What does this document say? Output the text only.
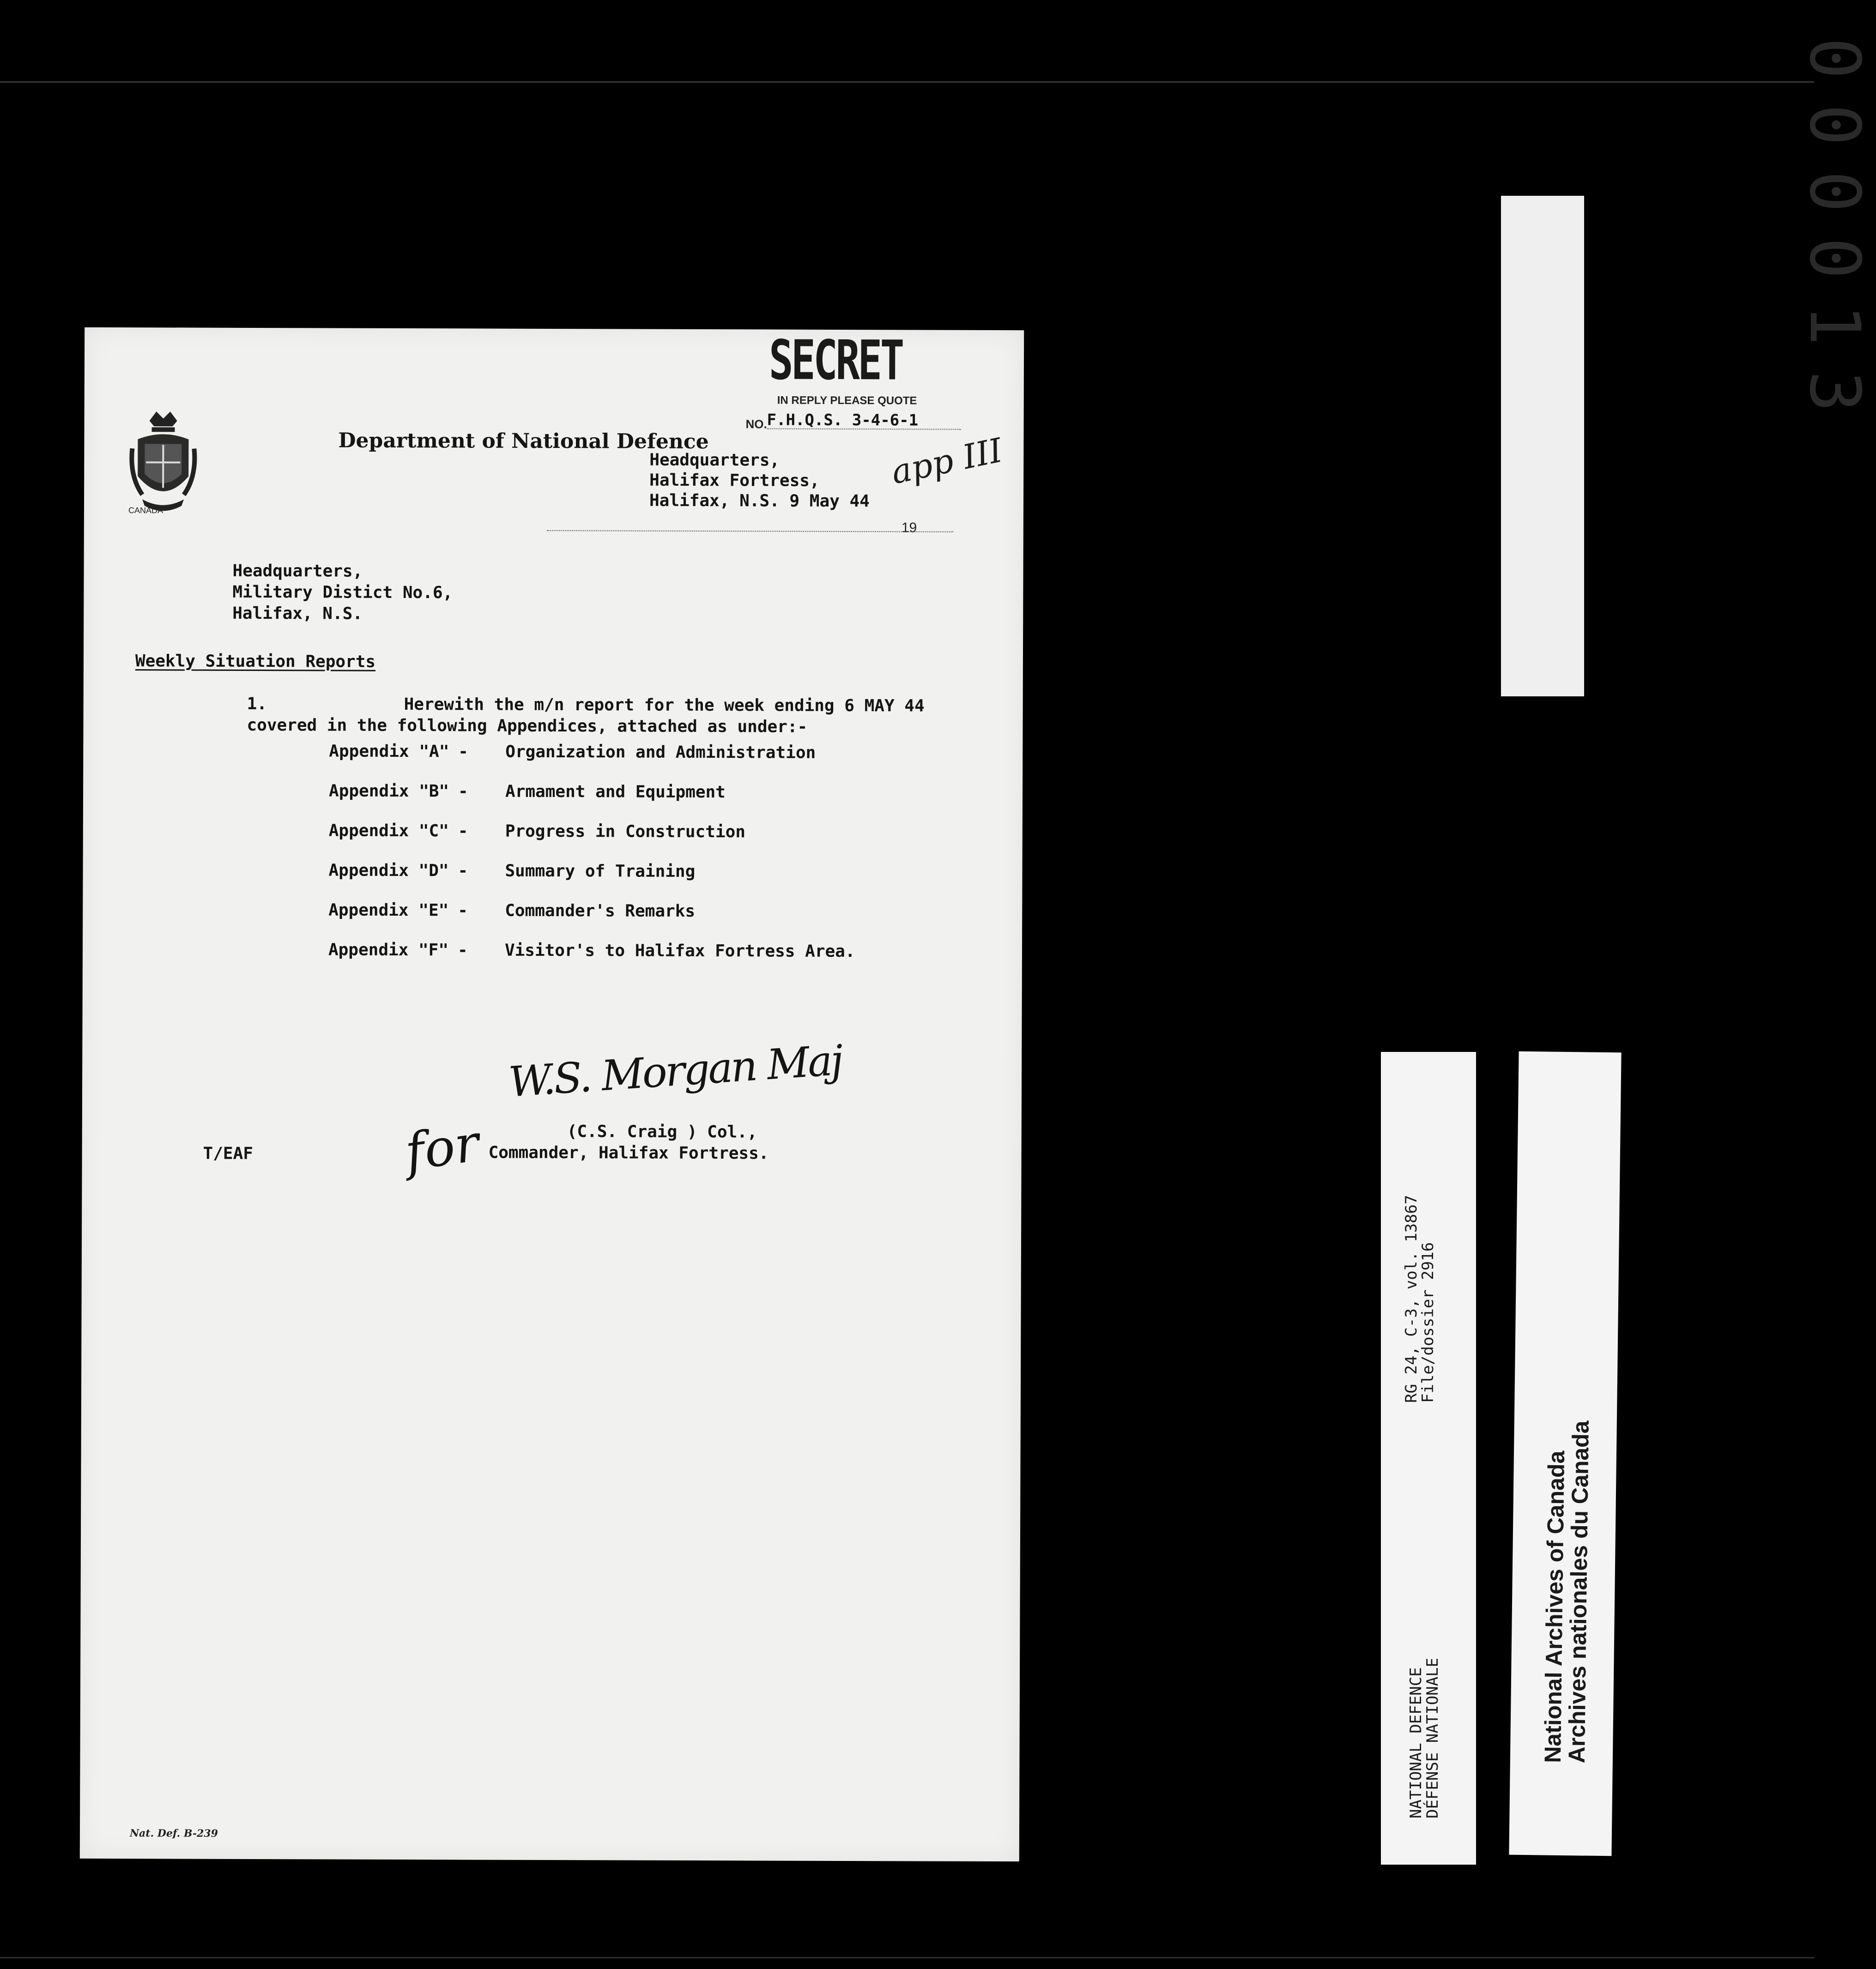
SECRET
IN REPLY PLEASE QUOTE
NO. F.H.Q.S. 3-4-6-1
CANADA
Department of National Defence
Headquarters,
Halifax Fortress,
Halifax, N.S. 9 May 44
19
app III
Headquarters,
Military Distict No.6,
Halifax, N.S.
Weekly Situation Reports
1.	Herewith the m/n report for the week ending 6 MAY 44
covered in the following Appendices, attached as under:-
Appendix "A" - Organization and Administration
Appendix "B" - Armament and Equipment
Appendix "C" - Progress in Construction
Appendix "D" - Summary of Training
Appendix "E" - Commander's Remarks
Appendix "F" - Visitor's to Halifax Fortress Area.
W.S. Morgan Maj
for	(C.S. Craig ) Col.,
Commander, Halifax Fortress.
T/EAF
Nat. Def. B-239
000013
RG 24, C-3, vol. 13867
File/dossier 2916
NATIONAL DEFENCE
DÉFENSE NATIONALE	National Archives of Canada
Archives nationales du Canada
